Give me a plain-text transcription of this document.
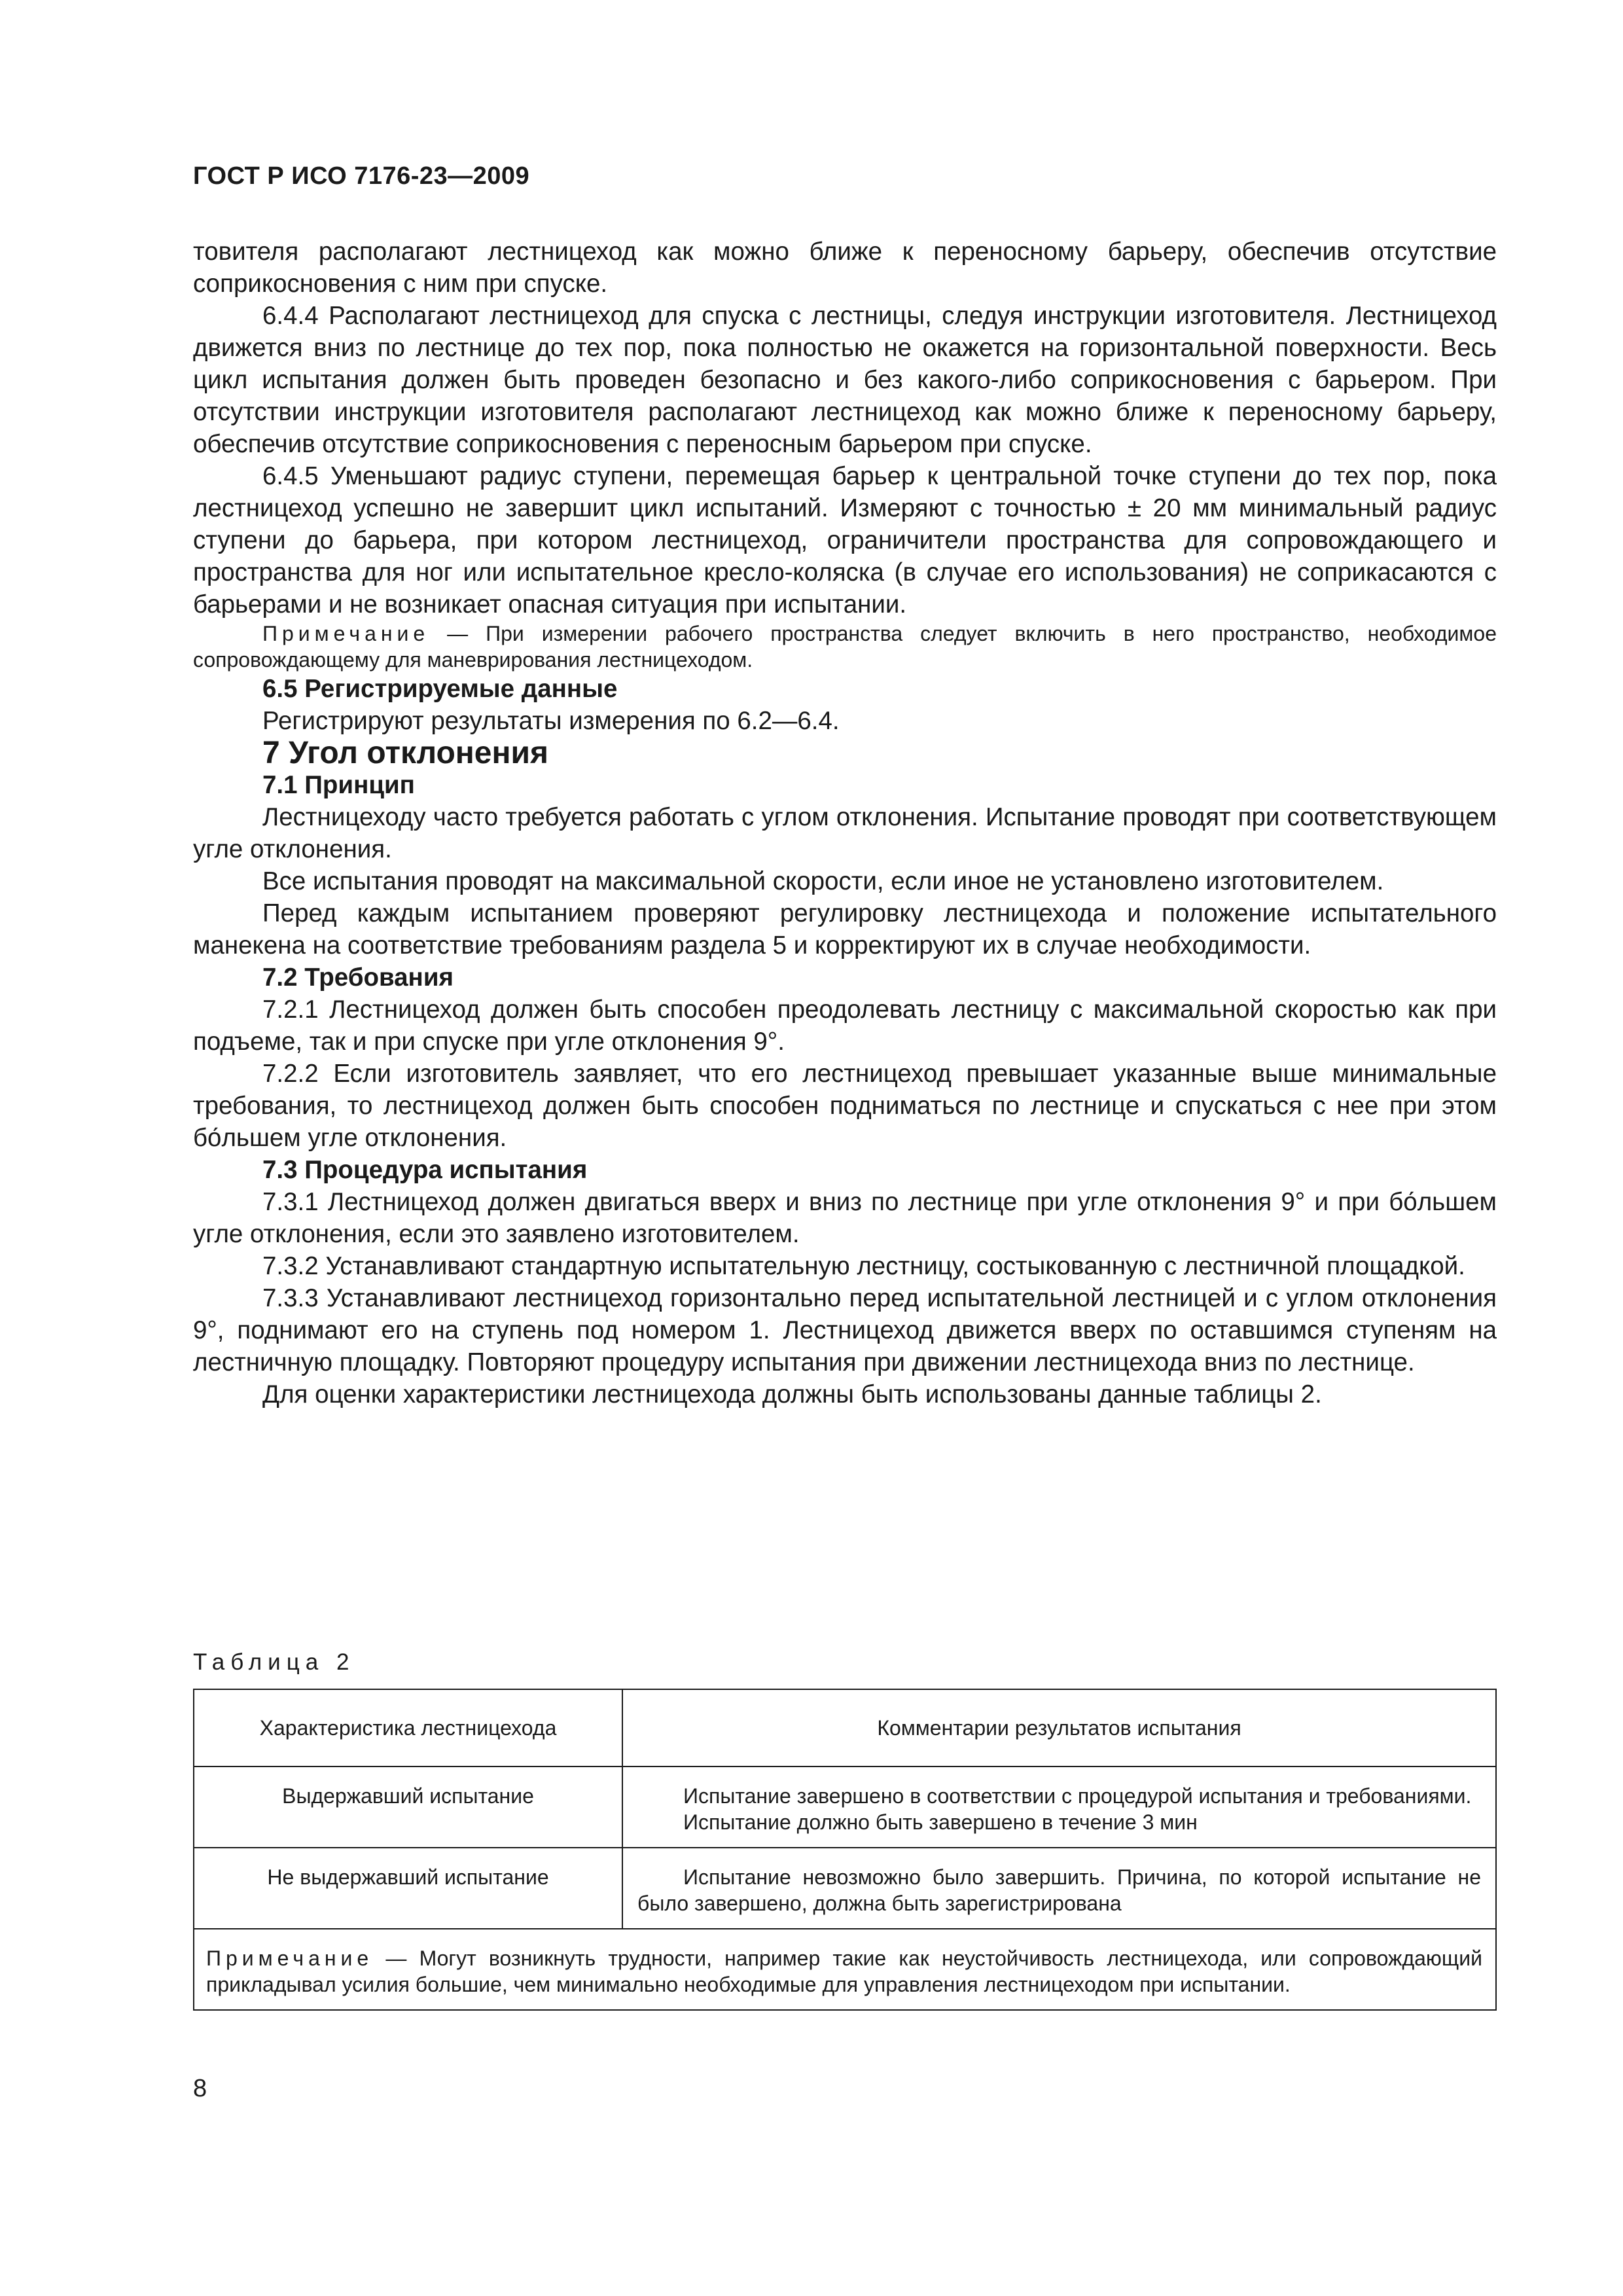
ГОСТ Р ИСО 7176-23—2009

товителя располагают лестницеход как можно ближе к переносному барьеру, обеспечив отсутствие соприкосновения с ним при спуске.

6.4.4 Располагают лестницеход для спуска с лестницы, следуя инструкции изготовителя. Лестницеход движется вниз по лестнице до тех пор, пока полностью не окажется на горизонтальной поверхности. Весь цикл испытания должен быть проведен безопасно и без какого-либо соприкосновения с барьером. При отсутствии инструкции изготовителя располагают лестницеход как можно ближе к переносному барьеру, обеспечив отсутствие соприкосновения с переносным барьером при спуске.

6.4.5 Уменьшают радиус ступени, перемещая барьер к центральной точке ступени до тех пор, пока лестницеход успешно не завершит цикл испытаний. Измеряют с точностью ± 20 мм минимальный радиус ступени до барьера, при котором лестницеход, ограничители пространства для сопровождающего и пространства для ног или испытательное кресло-коляска (в случае его использования) не соприкасаются с барьерами и не возникает опасная ситуация при испытании.

Примечание — При измерении рабочего пространства следует включить в него пространство, необходимое сопровождающему для маневрирования лестницеходом.

6.5 Регистрируемые данные

Регистрируют результаты измерения по 6.2—6.4.

7 Угол отклонения

7.1 Принцип

Лестницеходу часто требуется работать с углом отклонения. Испытание проводят при соответствующем угле отклонения.

Все испытания проводят на максимальной скорости, если иное не установлено изготовителем.

Перед каждым испытанием проверяют регулировку лестницехода и положение испытательного манекена на соответствие требованиям раздела 5 и корректируют их в случае необходимости.

7.2 Требования

7.2.1 Лестницеход должен быть способен преодолевать лестницу с максимальной скоростью как при подъеме, так и при спуске при угле отклонения 9°.

7.2.2 Если изготовитель заявляет, что его лестницеход превышает указанные выше минимальные требования, то лестницеход должен быть способен подниматься по лестнице и спускаться с нее при этом бо́льшем угле отклонения.

7.3 Процедура испытания

7.3.1 Лестницеход должен двигаться вверх и вниз по лестнице при угле отклонения 9° и при бо́льшем угле отклонения, если это заявлено изготовителем.

7.3.2 Устанавливают стандартную испытательную лестницу, состыкованную с лестничной площадкой.

7.3.3 Устанавливают лестницеход горизонтально перед испытательной лестницей и с углом отклонения 9°, поднимают его на ступень под номером 1. Лестницеход движется вверх по оставшимся ступеням на лестничную площадку. Повторяют процедуру испытания при движении лестницехода вниз по лестнице.

Для оценки характеристики лестницехода должны быть использованы данные таблицы 2.

Таблица 2
Характеристика лестницехода	Комментарии результатов испытания
Выдержавший испытание	Испытание завершено в соответствии с процедурой испытания и требованиями.

Испытание должно быть завершено в течение 3 мин

Не выдержавший испытание	Испытание невозможно было завершить. Причина, по которой испытание не было завершено, должна быть зарегистрирована

Примечание — Могут возникнуть трудности, например такие как неустойчивость лестницехода, или сопровождающий прикладывал усилия большие, чем минимально необходимые для управления лестницеходом при испытании.	
8
